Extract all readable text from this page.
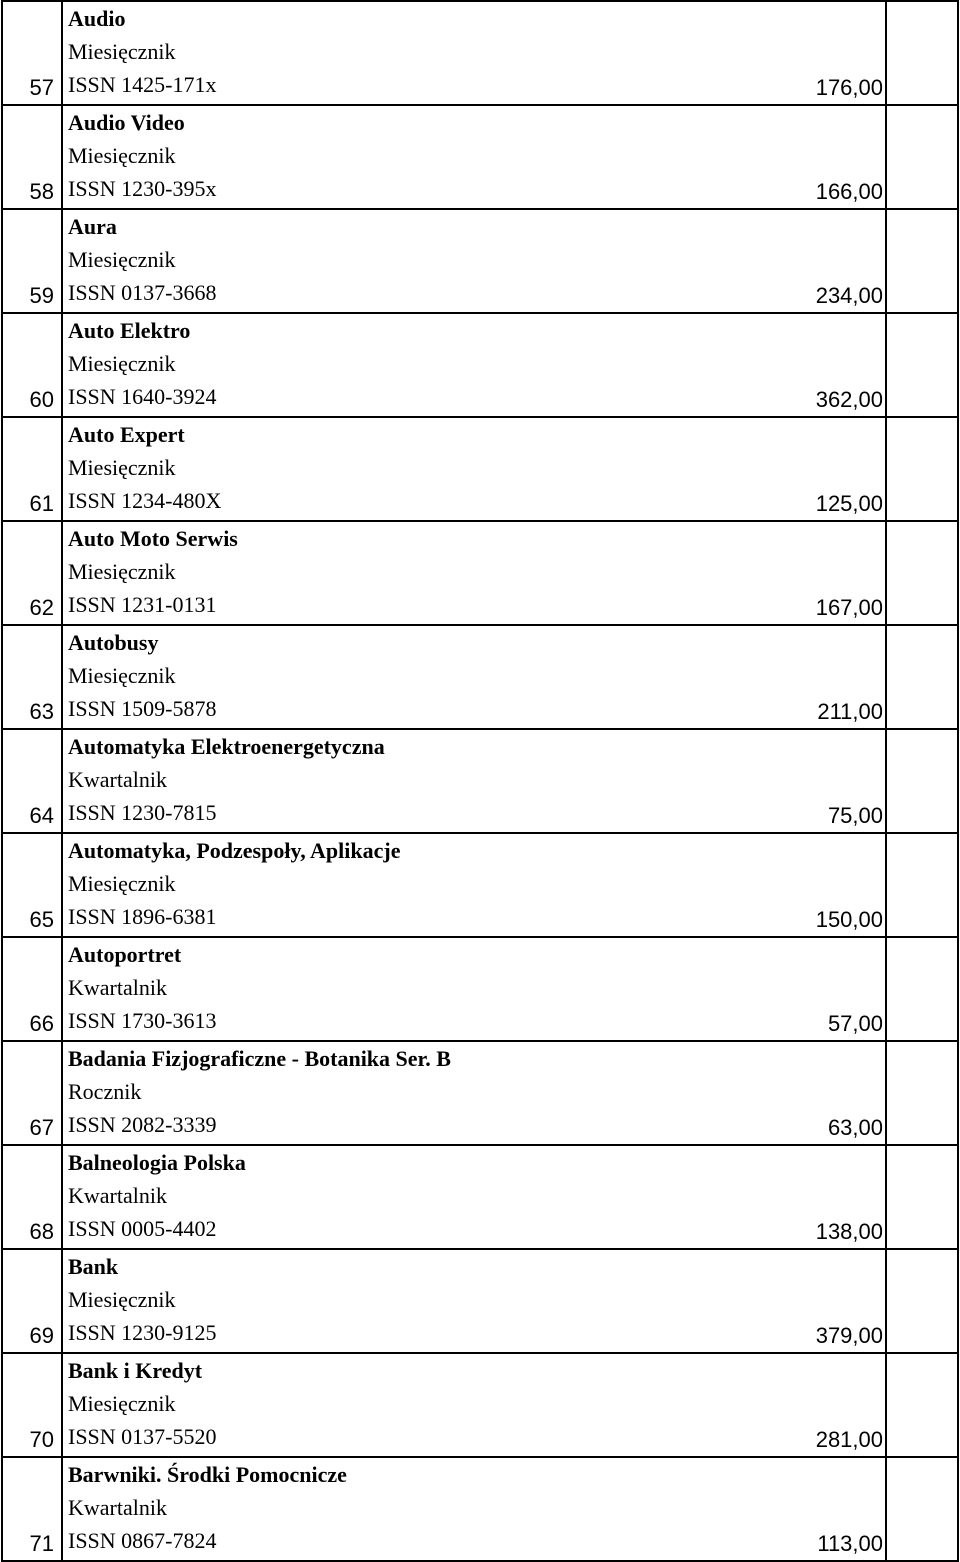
57	Audio
Miesięcznik
ISSN 1425-171x	176,00	
58	Audio Video
Miesięcznik
ISSN 1230-395x	166,00	
59	Aura
Miesięcznik
ISSN 0137-3668	234,00	
60	Auto Elektro
Miesięcznik
ISSN 1640-3924	362,00	
61	Auto Expert
Miesięcznik
ISSN 1234-480X	125,00	
62	Auto Moto Serwis
Miesięcznik
ISSN 1231-0131	167,00	
63	Autobusy
Miesięcznik
ISSN 1509-5878	211,00	
64	Automatyka Elektroenergetyczna
Kwartalnik
ISSN 1230-7815	75,00	
65	Automatyka, Podzespoły, Aplikacje
Miesięcznik
ISSN 1896-6381	150,00	
66	Autoportret
Kwartalnik
ISSN 1730-3613	57,00	
67	Badania Fizjograficzne - Botanika Ser. B
Rocznik
ISSN 2082-3339	63,00	
68	Balneologia Polska
Kwartalnik
ISSN 0005-4402	138,00	
69	Bank
Miesięcznik
ISSN 1230-9125	379,00	
70	Bank i Kredyt
Miesięcznik
ISSN 0137-5520	281,00	
71	Barwniki. Środki Pomocnicze
Kwartalnik
ISSN 0867-7824	113,00	
